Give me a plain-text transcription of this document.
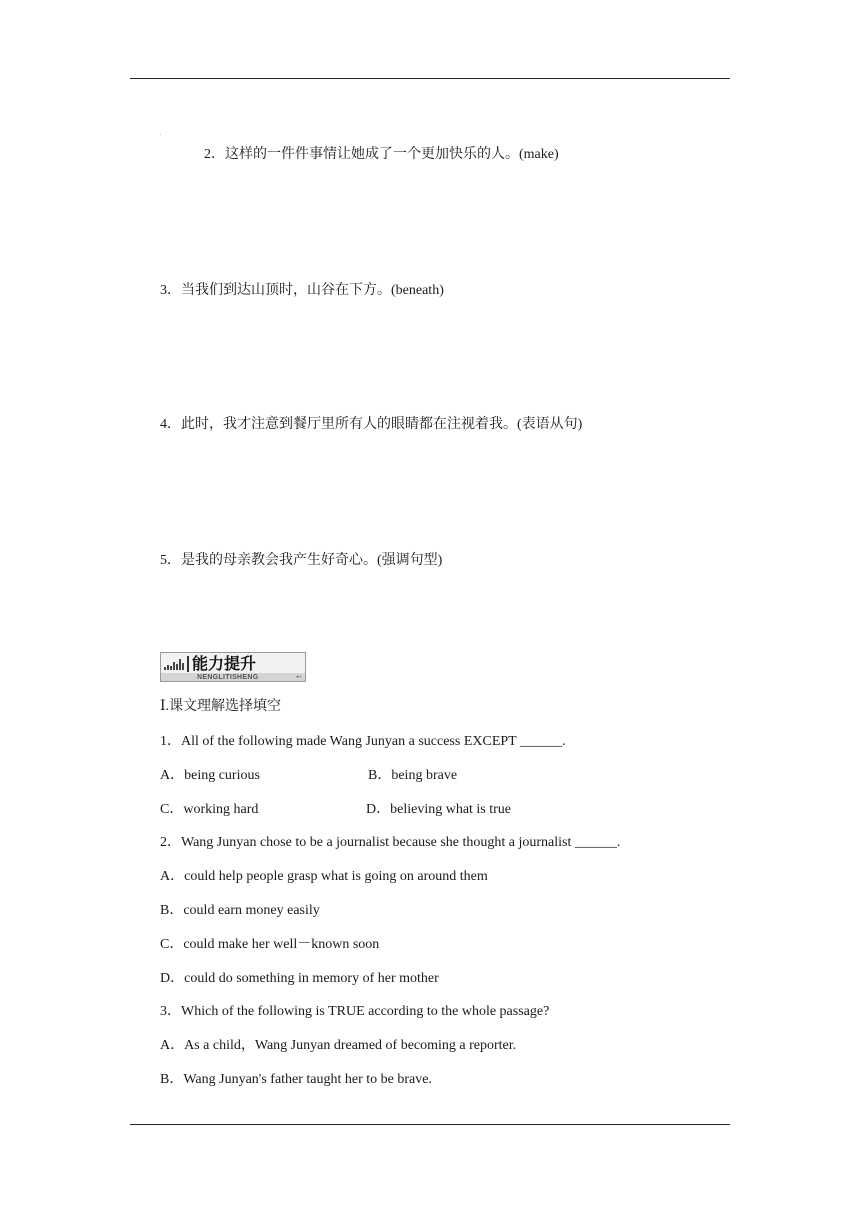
2．这样的一件件事情让她成了一个更加快乐的人。(make)
3．当我们到达山顶时，山谷在下方。(beneath)
4．此时，我才注意到餐厅里所有人的眼睛都在注视着我。(表语从句)
5．是我的母亲教会我产生好奇心。(强调句型)
能力提升
NENGLITISHENG	←
Ⅰ.课文理解选择填空
1．All of the following made Wang Junyan a success EXCEPT ______.
A．being curious	B．being brave
C．working hard	D．believing what is true
2．Wang Junyan chose to be a journalist because she thought a journalist ______.
A．could help people grasp what is going on around them
B．could earn money easily
C．could make her well－known soon
D．could do something in memory of her mother
3．Which of the following is TRUE according to the whole passage?
A．As a child，Wang Junyan dreamed of becoming a reporter.
B．Wang Junyan's father taught her to be brave.
